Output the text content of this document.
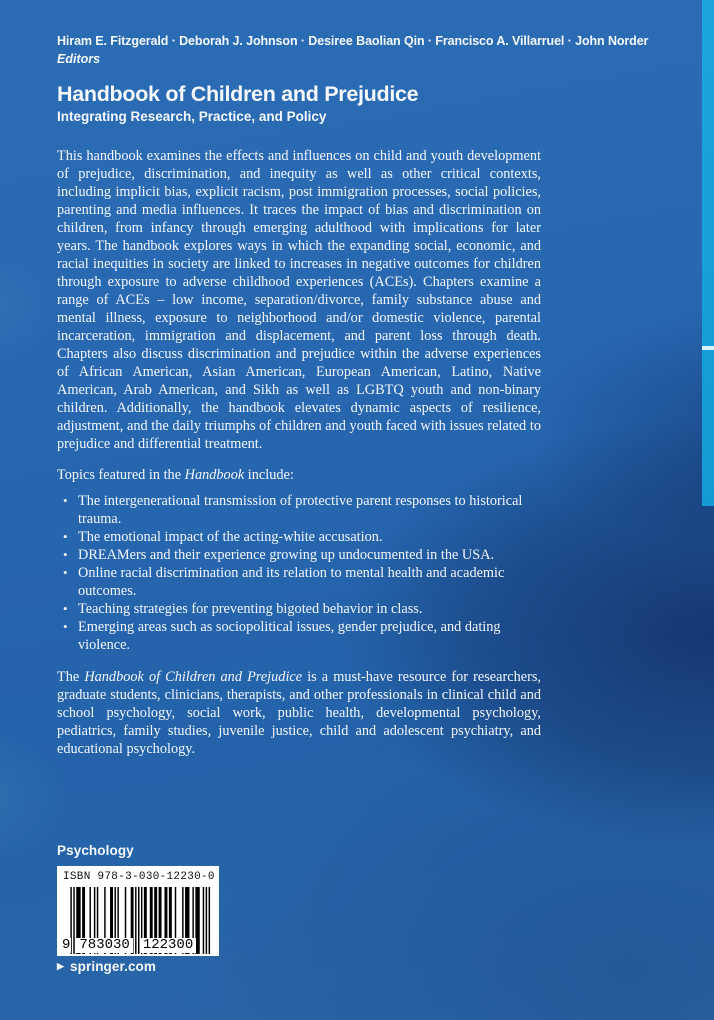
Hiram E. Fitzgerald · Deborah J. Johnson · Desiree Baolian Qin · Francisco A. Villarruel · John Norder
Editors
Handbook of Children and Prejudice
Integrating Research, Practice, and Policy

This handbook examines the effects and influences on child and youth development of prejudice, discrimination, and inequity as well as other critical contexts, including implicit bias, explicit racism, post immigration processes, social policies, parenting and media influences. It traces the impact of bias and discrimination on children, from infancy through emerging adulthood with implications for later years. The handbook explores ways in which the expanding social, economic, and racial inequities in society are linked to increases in negative outcomes for children through exposure to adverse childhood experiences (ACEs). Chapters examine a range of ACEs – low income, separation/divorce, family substance abuse and mental illness, exposure to neighborhood and/or domestic violence, parental incarceration, immigration and displacement, and parent loss through death. Chapters also discuss discrimination and prejudice within the adverse experiences of African American, Asian American, European American, Latino, Native American, Arab American, and Sikh as well as LGBTQ youth and non-binary children. Additionally, the handbook elevates dynamic aspects of resilience, adjustment, and the daily triumphs of children and youth faced with issues related to prejudice and differential treatment.

Topics featured in the Handbook include:

• The intergenerational transmission of protective parent responses to historical trauma.
• The emotional impact of the acting-white accusation.
• DREAMers and their experience growing up undocumented in the USA.
• Online racial discrimination and its relation to mental health and academic outcomes.
• Teaching strategies for preventing bigoted behavior in class.
• Emerging areas such as sociopolitical issues, gender prejudice, and dating violence.

The Handbook of Children and Prejudice is a must-have resource for researchers, graduate students, clinicians, therapists, and other professionals in clinical child and school psychology, social work, public health, developmental psychology, pediatrics, family studies, juvenile justice, child and adolescent psychiatry, and educational psychology.

Psychology
ISBN 978-3-030-12230-0
9 783030 122300
▶ springer.com
